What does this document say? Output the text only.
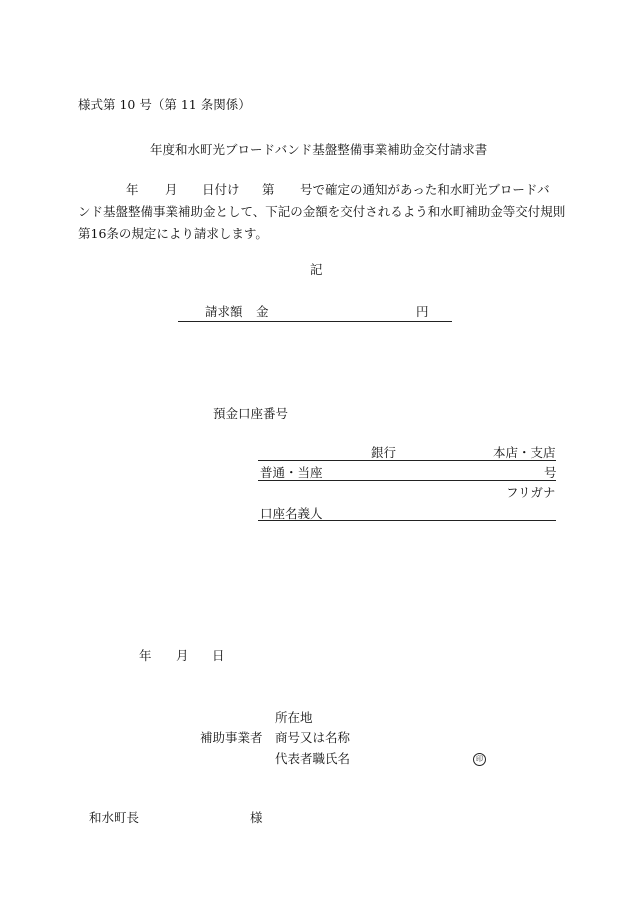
様式第 10 号（第 11 条関係）
年度和水町光ブロードバンド基盤整備事業補助金交付請求書
年 月 日付け 第 号で確定の通知があった和水町光ブロードバ
ンド基盤整備事業補助金として、下記の金額を交付されるよう和水町補助金等交付規則
第16条の規定により請求します。
記
請求額 金	円
預金口座番号
銀行	本店・支店
普通・当座	号
フリガナ
口座名義人
年 月 日
所在地
補助事業者 商号又は名称
代表者職氏名	印
和水町長	様
